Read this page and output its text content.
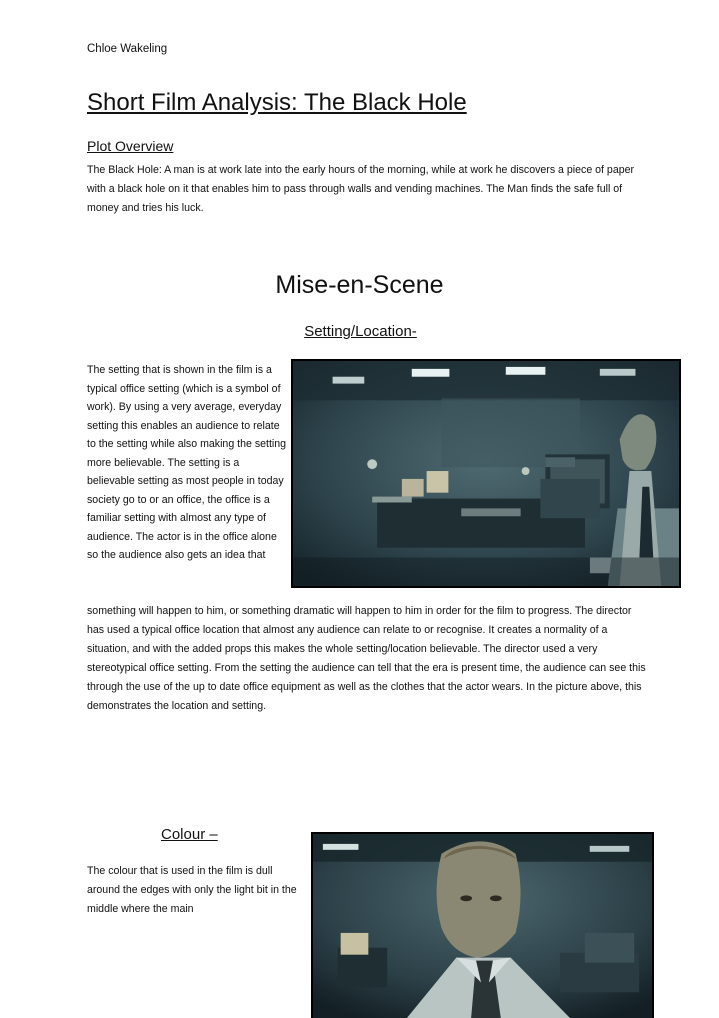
Chloe Wakeling
Short Film Analysis: The Black Hole
Plot Overview

The Black Hole: A man is at work late into the early hours of the morning, while at work he discovers a piece of paper with a black hole on it that enables him to pass through walls and vending machines. The Man finds the safe full of money and tries his luck.

Mise-en-Scene
Setting/Location-

The setting that is shown in the film is a typical office setting (which is a symbol of work). By using a very average, everyday setting this enables an audience to relate to the setting while also making the setting more believable. The setting is a believable setting as most people in today society go to or an office, the office is a familiar setting with almost any type of audience. The actor is in the office alone so the audience also gets an idea that

something will happen to him, or something dramatic will happen to him in order for the film to progress. The director has used a typical office location that almost any audience can relate to or recognise. It creates a normality of a situation, and with the added props this makes the whole setting/location believable. The director used a very stereotypical office setting. From the setting the audience can tell that the era is present time, the audience can see this through the use of the up to date office equipment as well as the clothes that the actor wears. In the picture above, this demonstrates the location and setting.

Colour –

The colour that is used in the film is dull around the edges with only the light bit in the middle where the main
